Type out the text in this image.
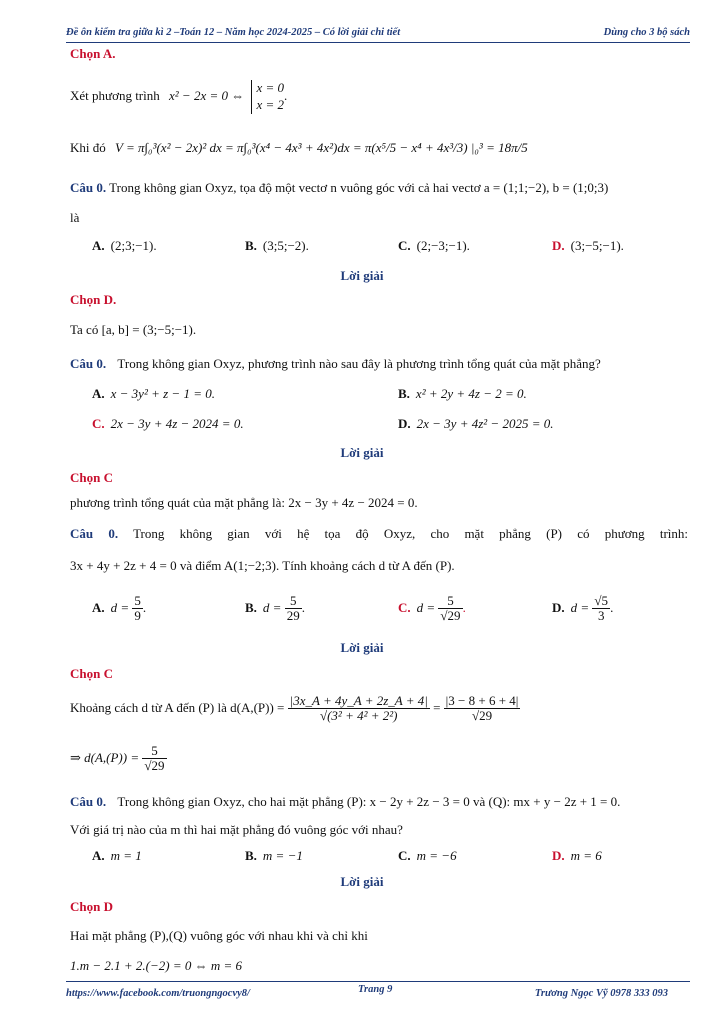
Đề ôn kiểm tra giữa kì 2 –Toán 12 – Năm học 2024-2025 – Có lời giải chi tiết	Dùng cho 3 bộ sách
Chọn A.
Xét phương trình x² − 2x = 0 ⇔
x = 0
x = 2
.
Khi đó V = π∫₀³(x² − 2x)² dx = π∫₀³(x⁴ − 4x³ + 4x²)dx = π(x⁵/5 − x⁴ + 4x³/3) |₀³ = 18π/5
Câu 0. Trong không gian Oxyz, tọa độ một vectơ n vuông góc với cả hai vectơ a = (1;1;−2), b = (1;0;3)
là
A. (2;3;−1).	B. (3;5;−2).	C. (2;−3;−1).	D. (3;−5;−1).
Lời giải
Chọn D.
Ta có [a, b] = (3;−5;−1).
Câu 0. Trong không gian Oxyz, phương trình nào sau đây là phương trình tổng quát của mặt phẳng?
A. x − 3y² + z − 1 = 0.	B. x² + 2y + 4z − 2 = 0.
C. 2x − 3y + 4z − 2024 = 0.	D. 2x − 3y + 4z² − 2025 = 0.
Lời giải
Chọn C
phương trình tổng quát của mặt phẳng là: 2x − 3y + 4z − 2024 = 0.
Câu 0. Trong không gian với hệ tọa độ Oxyz, cho mặt phẳng (P) có phương trình:
3x + 4y + 2z + 4 = 0 và điểm A(1;−2;3). Tính khoảng cách d từ A đến (P).
A. $d = \frac{5}{9}$ .	B. $d = \frac{5}{29}$ .	C. $d = \frac{5}{√29}$ .	D. $d = \frac{√5}{3}$ .
Lời giải
Chọn C
Khoảng cách d từ A đến (P) là $d(A,(P)) = \frac{|3x\_A + 4y\_A + 2z\_A + 4|}{\text{√(3² + 4² + 2²)}} = \frac{|3 - 8 + 6 + 4|}{√29}$
⇒ $d(A,(P)) = \frac{5}{√29}$
Câu 0. Trong không gian Oxyz, cho hai mặt phẳng (P): x − 2y + 2z − 3 = 0 và (Q): mx + y − 2z + 1 = 0.
Với giá trị nào của m thì hai mặt phẳng đó vuông góc với nhau?
A. m = 1	B. m = −1	C. m = −6	D. m = 6
Lời giải
Chọn D
Hai mặt phẳng (P),(Q) vuông góc với nhau khi và chỉ khi
1.m − 2.1 + 2.(−2) = 0 ⇔ m = 6
https://www.facebook.com/truongngocvy8/	Trang 9	Trương Ngọc Vỹ 0978 333 093
